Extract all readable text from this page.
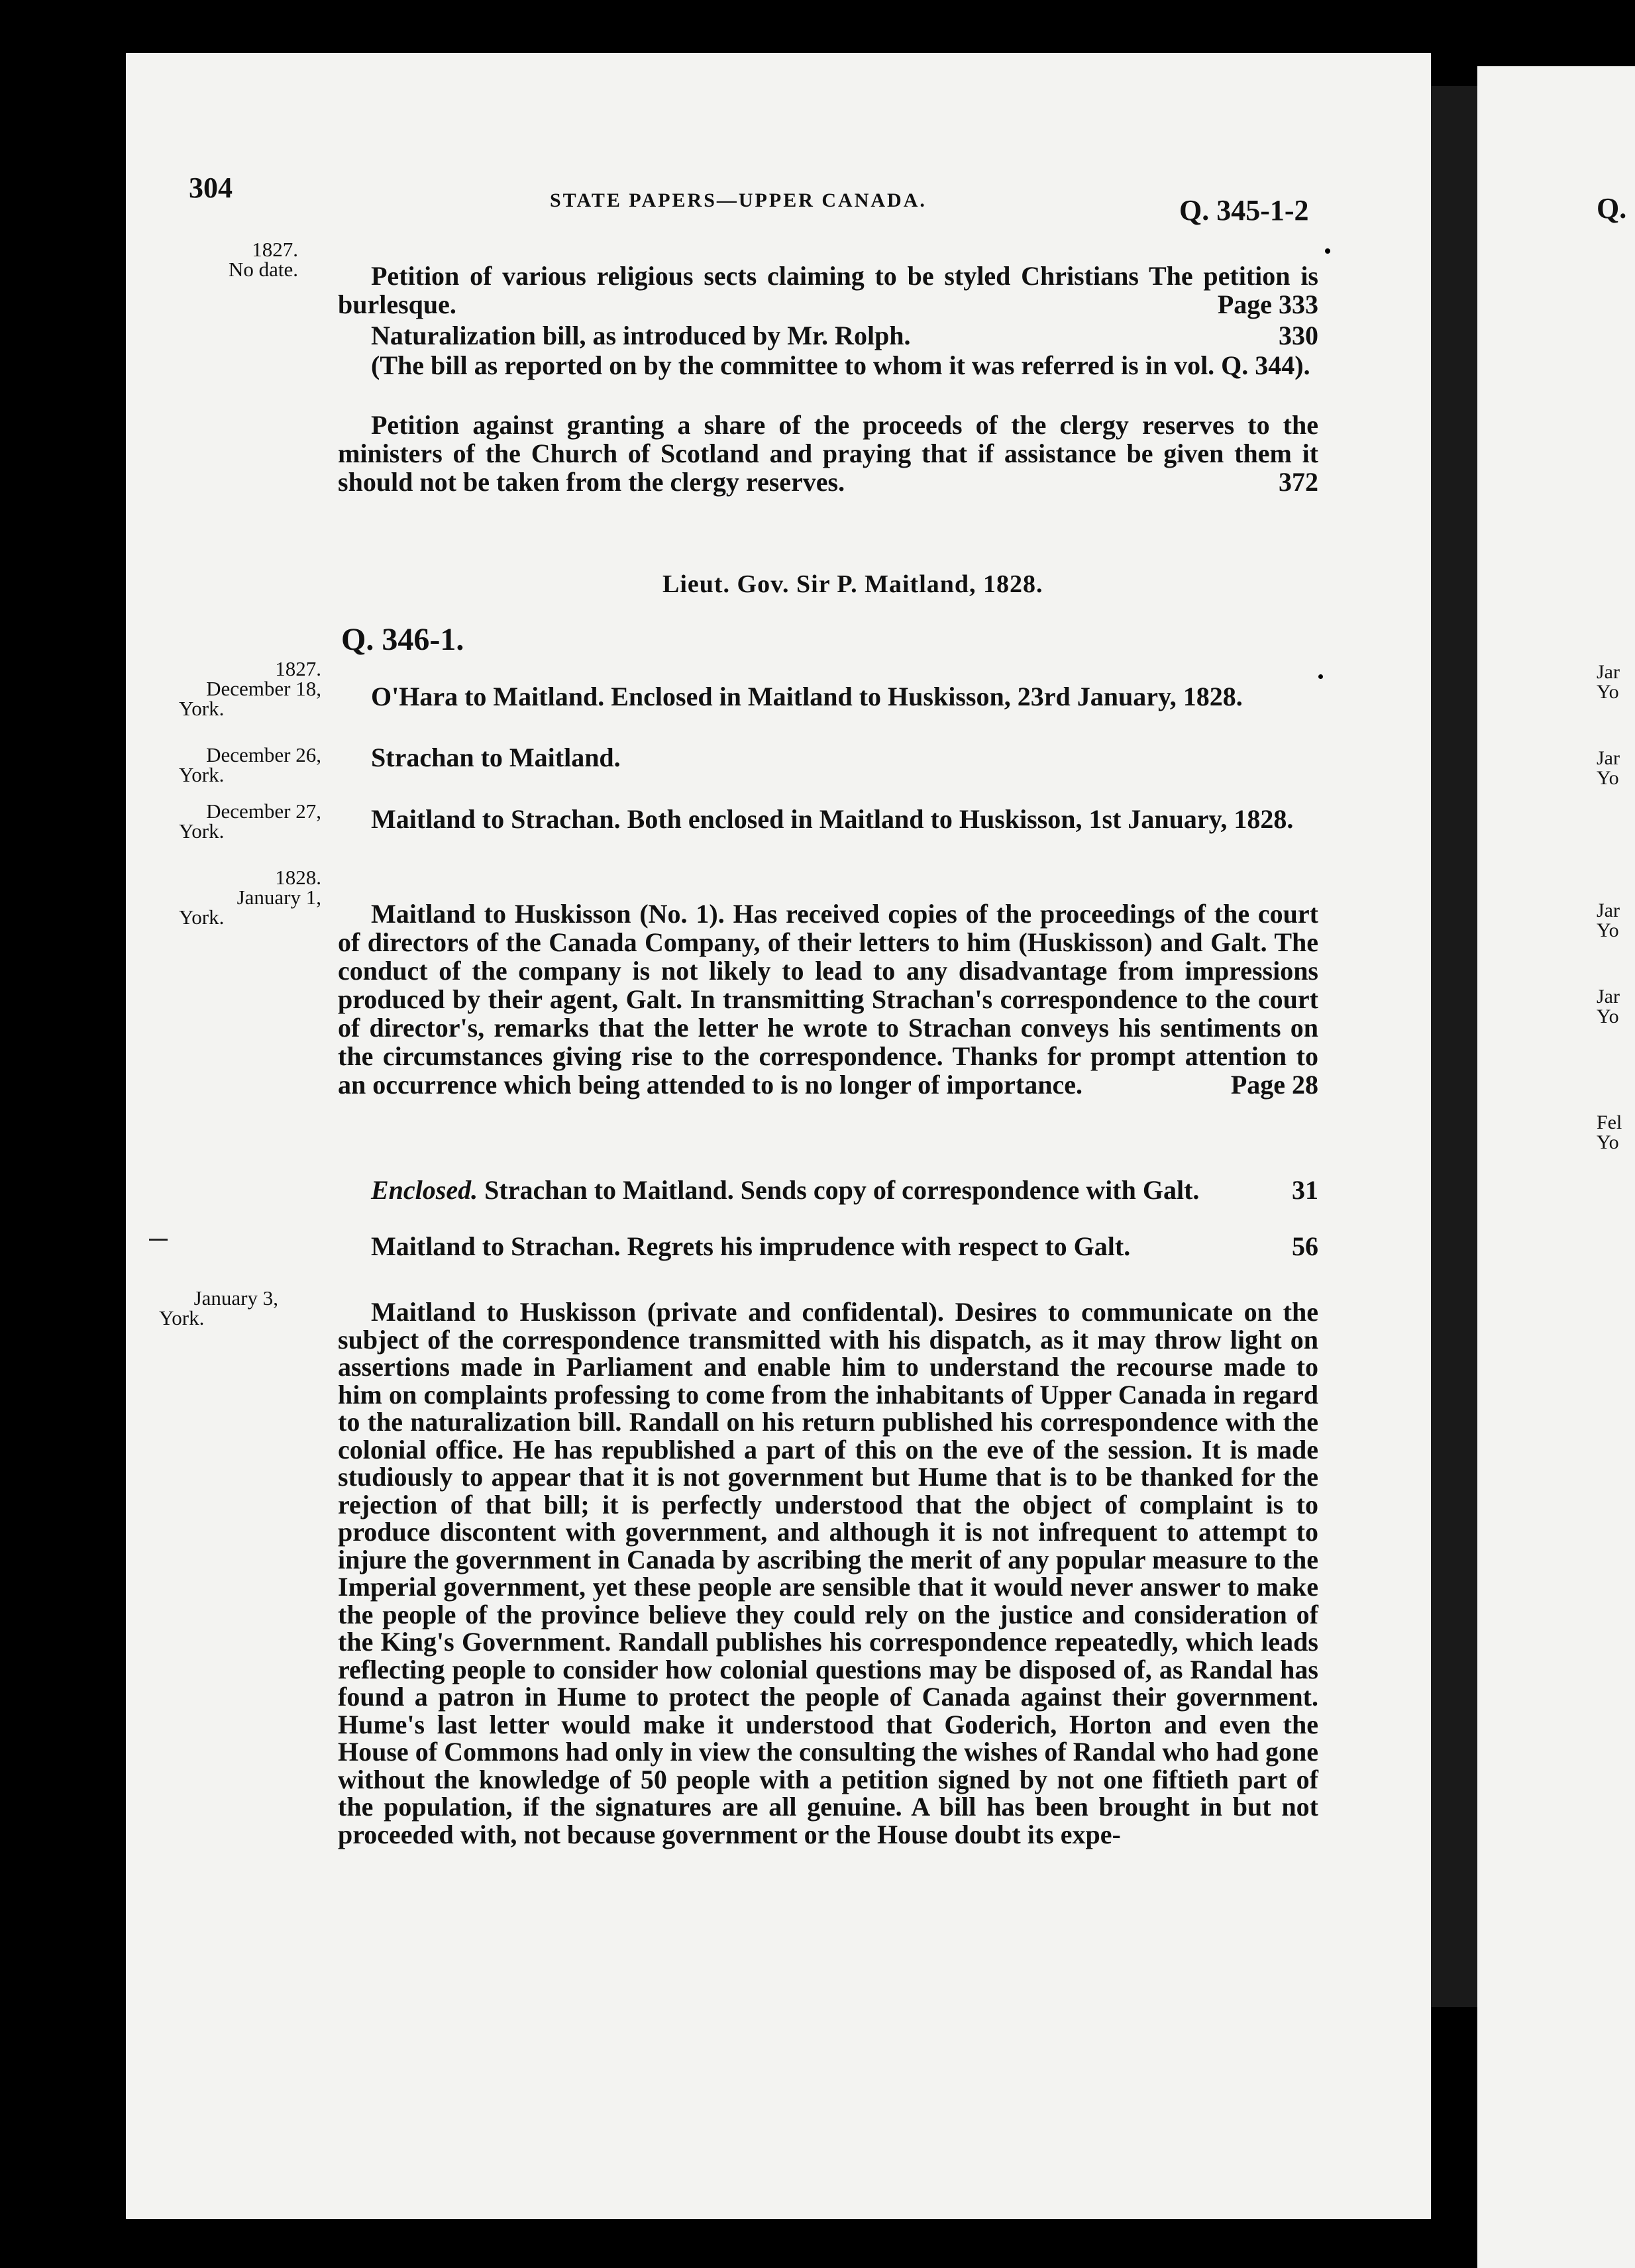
304	STATE PAPERS—UPPER CANADA.	Q. 345-1-2
1827.
No date.	Petition of various religious sects claiming to be styled Christians The petition is burlesque.	Page 333
Naturalization bill, as introduced by Mr. Rolph.	330
(The bill as reported on by the committee to whom it was referred is in vol. Q. 344).
Petition against granting a share of the proceeds of the clergy reserves to the ministers of the Church of Scotland and praying that if assistance be given them it should not be taken from the clergy reserves.	372
Lieut. Gov. Sir P. Maitland, 1828.
Q. 346-1.
1827.
December 18,
York.	O'Hara to Maitland. Enclosed in Maitland to Huskisson, 23rd January, 1828.
December 26,
York.
Strachan to Maitland.
December 27,
York.	Maitland to Strachan. Both enclosed in Maitland to Huskisson, 1st January, 1828.
1828.
January 1,
York.	Maitland to Huskisson (No. 1). Has received copies of the proceedings of the court of directors of the Canada Company, of their letters to him (Huskisson) and Galt. The conduct of the company is not likely to lead to any disadvantage from impressions produced by their agent, Galt. In transmitting Strachan's correspondence to the court of director's, remarks that the letter he wrote to Strachan conveys his sentiments on the circumstances giving rise to the correspondence. Thanks for prompt attention to an occurrence which being attended to is no longer of importance.	Page 28
Enclosed. Strachan to Maitland. Sends copy of correspondence with Galt.	31
Maitland to Strachan. Regrets his imprudence with respect to Galt.	56
January 3,
York.	Maitland to Huskisson (private and confidental). Desires to communicate on the subject of the correspondence transmitted with his dispatch, as it may throw light on assertions made in Parliament and enable him to understand the recourse made to him on complaints professing to come from the inhabitants of Upper Canada in regard to the naturalization bill. Randall on his return published his correspondence with the colonial office. He has republished a part of this on the eve of the session. It is made studiously to appear that it is not government but Hume that is to be thanked for the rejection of that bill; it is perfectly understood that the object of complaint is to produce discontent with government, and although it is not infrequent to attempt to injure the government in Canada by ascribing the merit of any popular measure to the Imperial government, yet these people are sensible that it would never answer to make the people of the province believe they could rely on the justice and consideration of the King's Government. Randall publishes his correspondence repeatedly, which leads reflecting people to consider how colonial questions may be disposed of, as Randal has found a patron in Hume to protect the people of Canada against their government. Hume's last letter would make it understood that Goderich, Horton and even the House of Commons had only in view the consulting the wishes of Randal who had gone without the knowledge of 50 people with a petition signed by not one fiftieth part of the population, if the signatures are all genuine. A bill has been brought in but not proceeded with, not because government or the House doubt its expe-
Q.
Jar
Yo
Jar
Yo
Jar
Yo
Jar
Yo
Fel
Yo
